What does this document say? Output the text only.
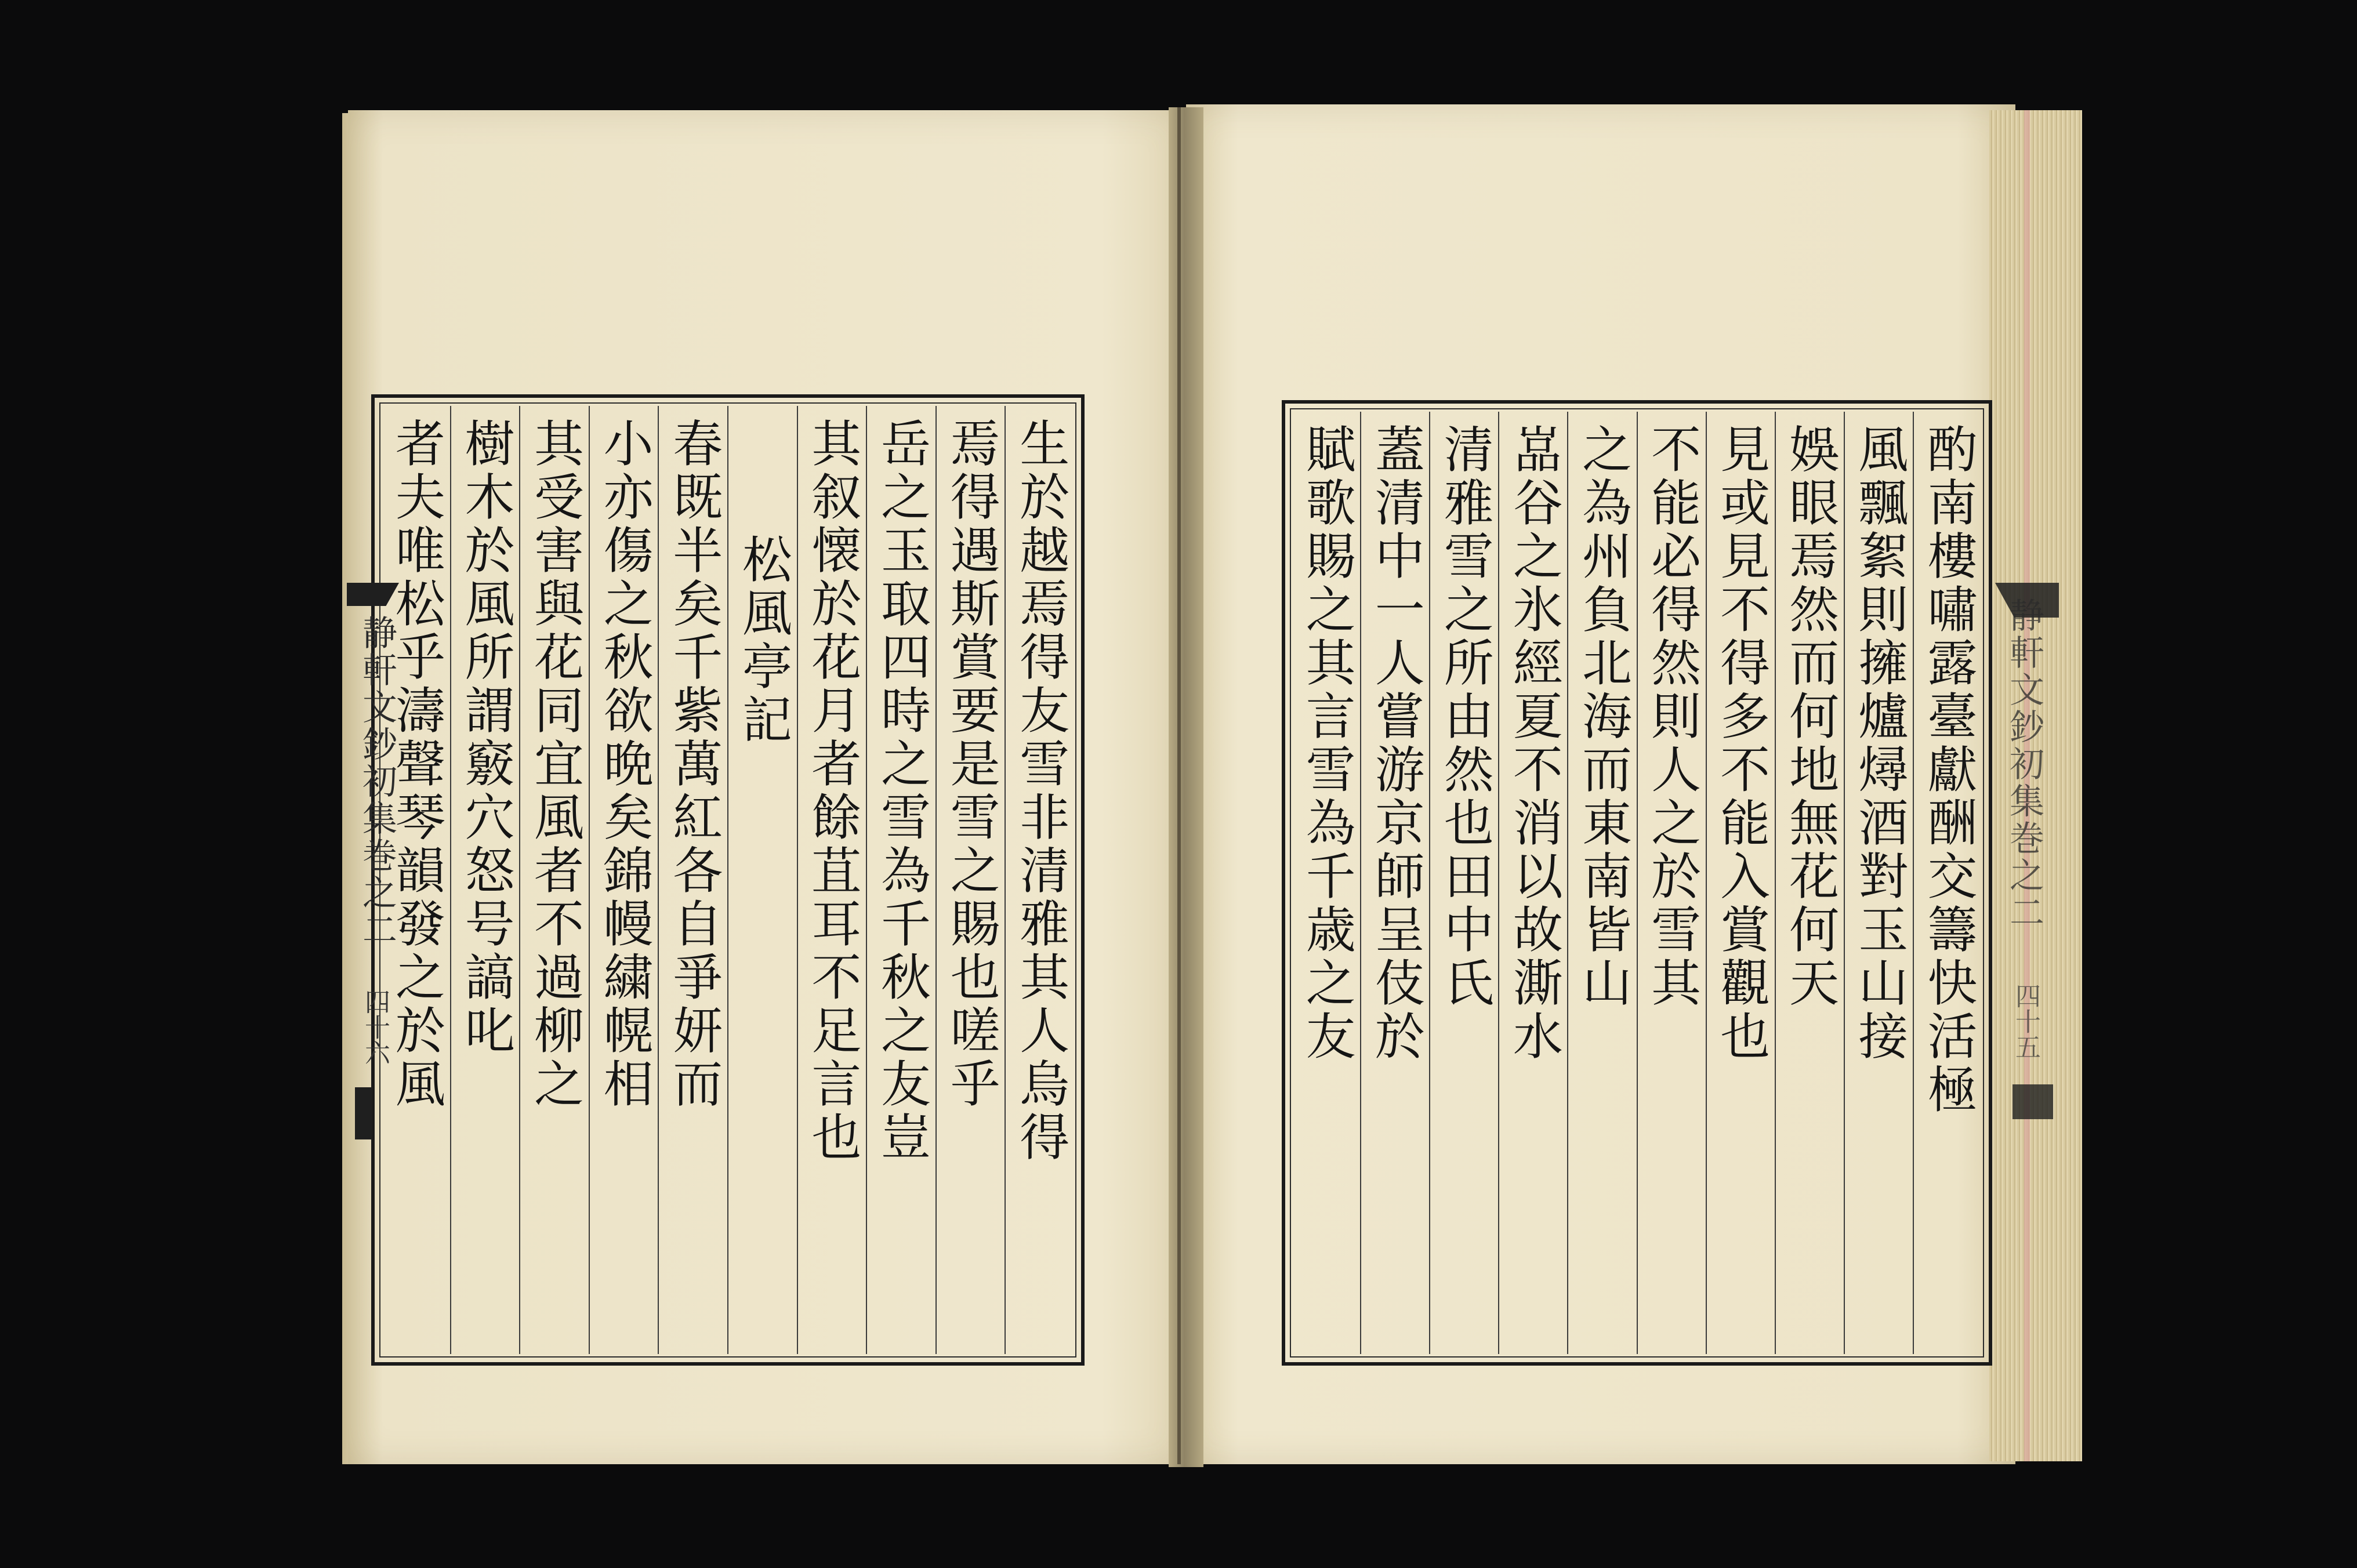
生於越焉得友雪非清雅其人烏得
焉得遇斯賞要是雪之賜也嗟乎
岳之玉取四時之雪為千秋之友豈
其叙懐於花月者餘苴耳不足言也
松風亭記
春既半矣千紫萬紅各自爭妍而
小亦傷之秋欲晩矣錦幔繍幌相
其受害與花同宜風者不過柳之
樹木於風所謂竅穴怒号謞叱
者夫唯松乎濤聲琴韻發之於風	酌南樓嘯露臺獻酬交籌快活極
風飄絮則擁爐燖酒對玉山接
娛眼焉然而何地無花何天
見或見不得多不能入賞觀也
不能必得然則人之於雪其
之為州負北海而東南皆山
嵓谷之氷經夏不消以故澌水
清雅雪之所由然也田中氏
蓋清中一人嘗游京師呈伎於
賦歌賜之其言雪為千歳之友
静軒文鈔初集巻之二
四十六
静軒文鈔初集巻之二
四十五
